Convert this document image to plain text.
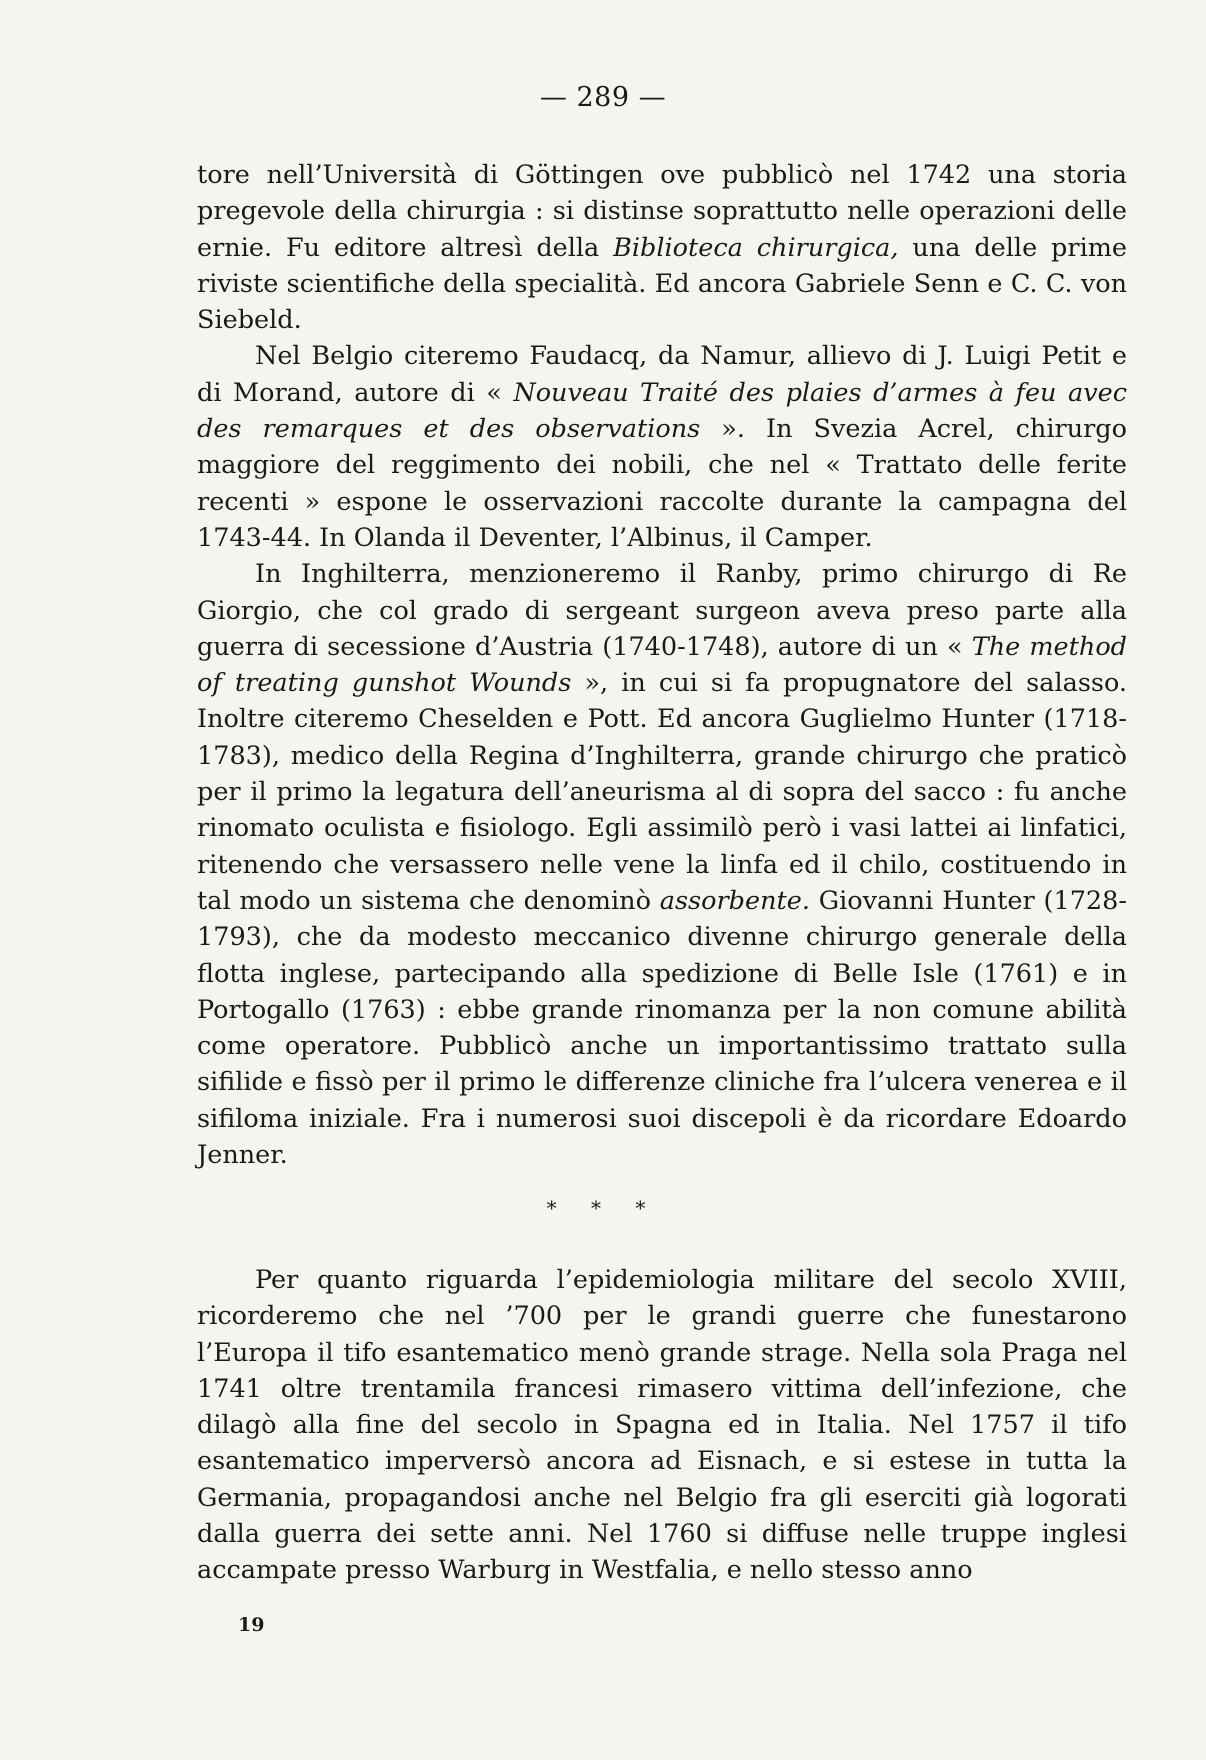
— 289 —

tore nell’Università di Göttingen ove pubblicò nel 1742 una storia pregevole della chirurgia : si distinse soprattutto nelle operazioni delle ernie. Fu editore altresì della Biblioteca chirurgica, una delle prime riviste scientifiche della specialità. Ed ancora Gabriele Senn e C. C. von Siebeld.

Nel Belgio citeremo Faudacq, da Namur, allievo di J. Luigi Petit e di Morand, autore di « Nouveau Traité des plaies d’armes à feu avec des remarques et des observations ». In Svezia Acrel, chirurgo maggiore del reggimento dei nobili, che nel « Trattato delle ferite recenti » espone le osservazioni raccolte durante la campagna del 1743-44. In Olanda il Deventer, l’Albinus, il Camper.

In Inghilterra, menzioneremo il Ranby, primo chirurgo di Re Giorgio, che col grado di sergeant surgeon aveva preso parte alla guerra di secessione d’Austria (1740-1748), autore di un « The method of treating gunshot Wounds », in cui si fa propugnatore del salasso. Inoltre citeremo Cheselden e Pott. Ed ancora Guglielmo Hunter (1718-1783), medico della Regina d’Inghilterra, grande chirurgo che praticò per il primo la legatura dell’aneurisma al di sopra del sacco : fu anche rinomato oculista e fisiologo. Egli assimilò però i vasi lattei ai linfatici, ritenendo che versassero nelle vene la linfa ed il chilo, costituendo in tal modo un sistema che denominò assorbente. Giovanni Hunter (1728-1793), che da modesto meccanico divenne chirurgo generale della flotta inglese, partecipando alla spedizione di Belle Isle (1761) e in Portogallo (1763) : ebbe grande rinomanza per la non comune abilità come operatore. Pubblicò anche un importantissimo trattato sulla sifilide e fissò per il primo le differenze cliniche fra l’ulcera venerea e il sifiloma iniziale. Fra i numerosi suoi discepoli è da ricordare Edoardo Jenner.

* * *

Per quanto riguarda l’epidemiologia militare del secolo XVIII, ricorderemo che nel ’700 per le grandi guerre che funestarono l’Europa il tifo esantematico menò grande strage. Nella sola Praga nel 1741 oltre trentamila francesi rimasero vittima dell’infezione, che dilagò alla fine del secolo in Spagna ed in Italia. Nel 1757 il tifo esantematico imperversò ancora ad Eisnach, e si estese in tutta la Germania, propagandosi anche nel Belgio fra gli eserciti già logorati dalla guerra dei sette anni. Nel 1760 si diffuse nelle truppe inglesi accampate presso Warburg in Westfalia, e nello stesso anno

19
